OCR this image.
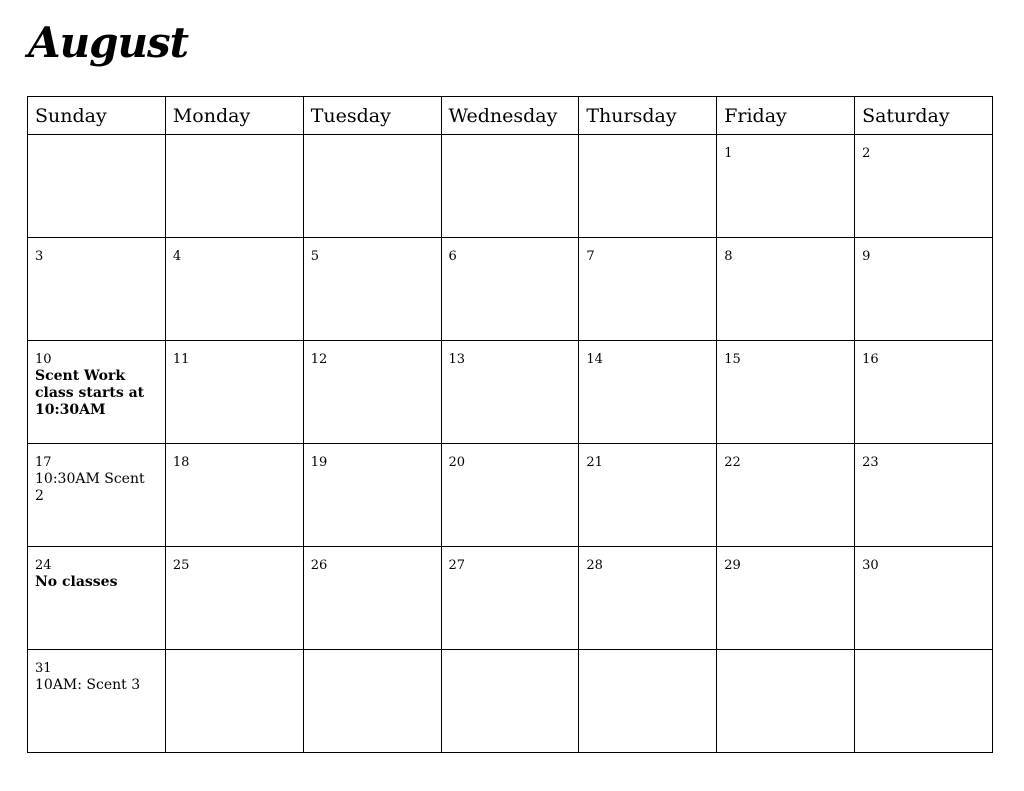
August
Sunday	Monday	Tuesday	Wednesday	Thursday	Friday	Saturday

					1	2

3	4	5	6	7	8	9

10
Scent Work class starts at 10:30AM	11	12	13	14	15	16

17
10:30AM Scent 2	18	19	20	21	22	23

24
No classes	25	26	27	28	29	30

31
10AM: Scent 3						
